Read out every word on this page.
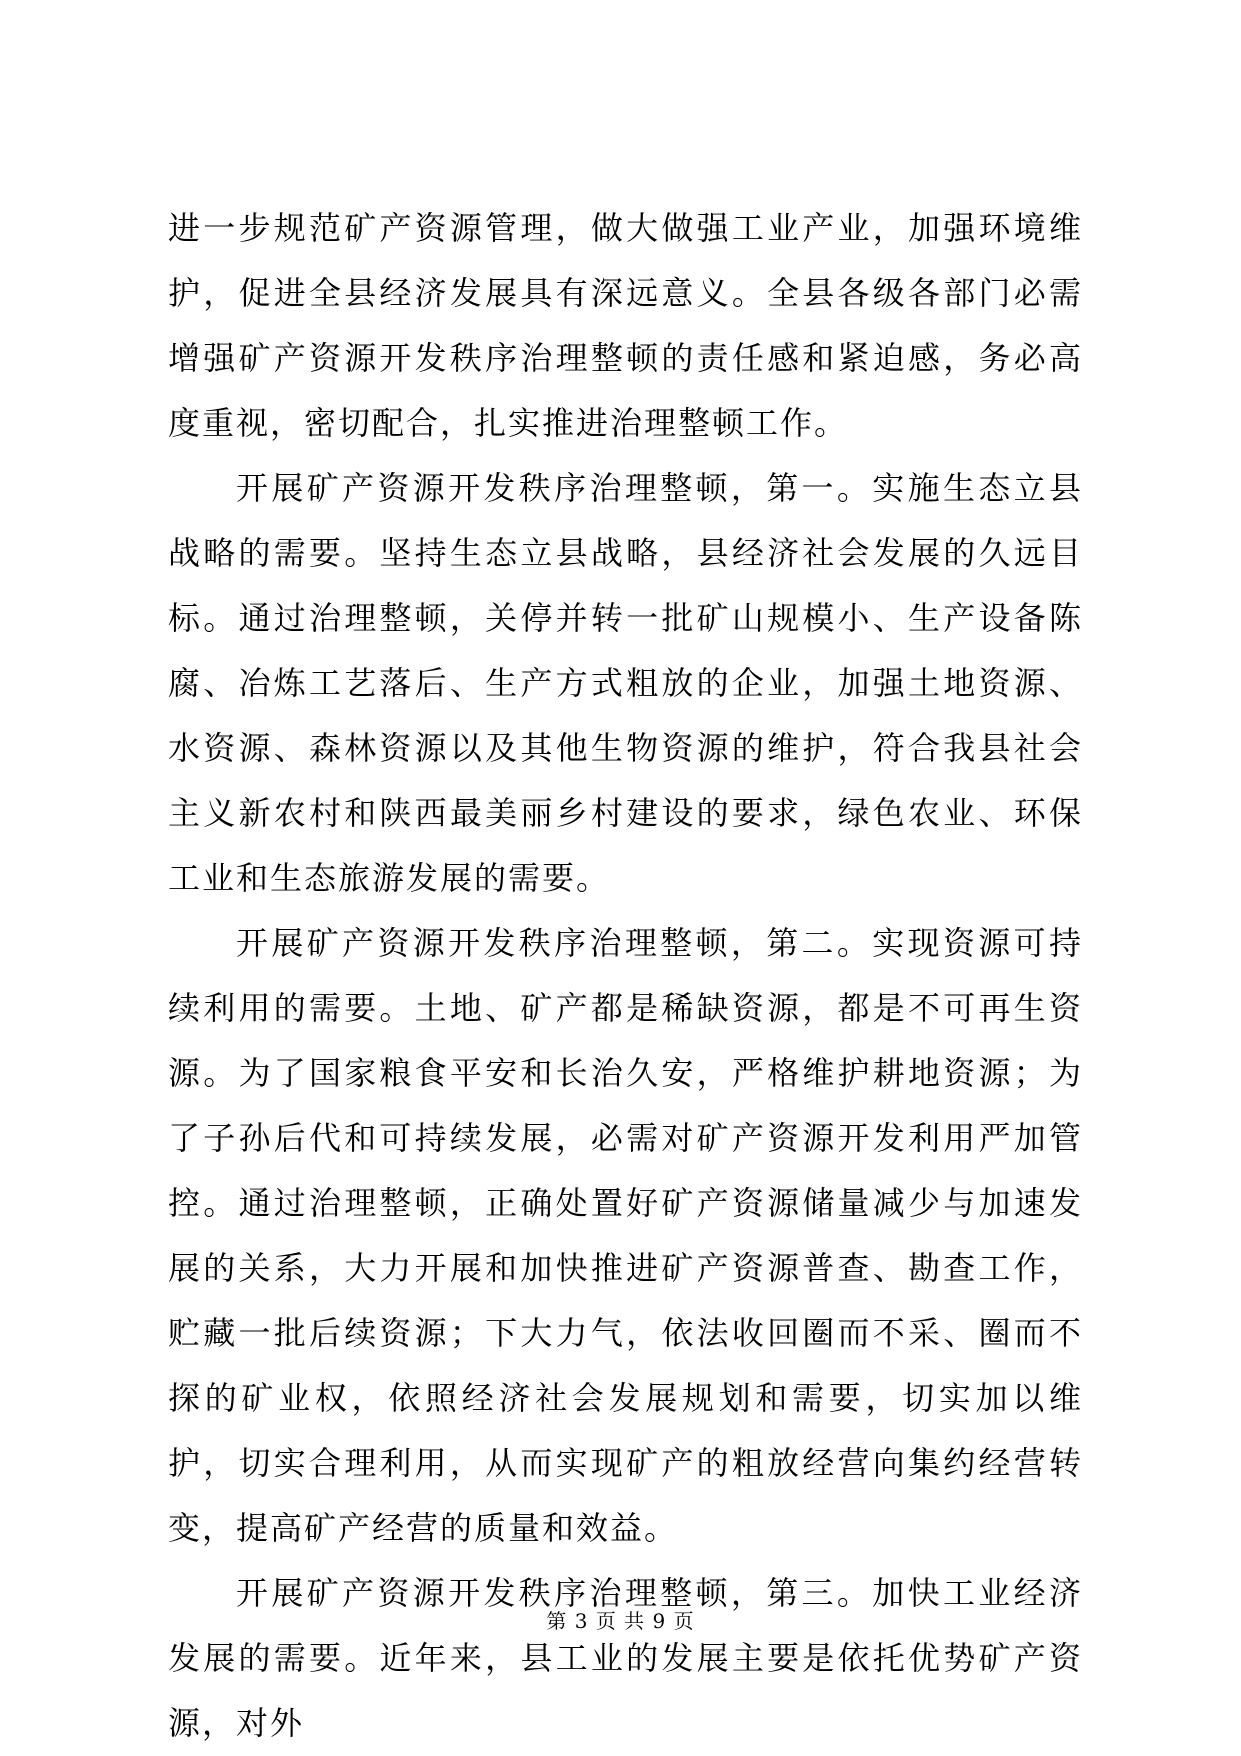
进一步规范矿产资源管理，做大做强工业产业，加强环境维护，促进全县经济发展具有深远意义。全县各级各部门必需增强矿产资源开发秩序治理整顿的责任感和紧迫感，务必高度重视，密切配合，扎实推进治理整顿工作。

开展矿产资源开发秩序治理整顿，第一。实施生态立县战略的需要。坚持生态立县战略，县经济社会发展的久远目标。通过治理整顿，关停并转一批矿山规模小、生产设备陈腐、冶炼工艺落后、生产方式粗放的企业，加强土地资源、水资源、森林资源以及其他生物资源的维护，符合我县社会主义新农村和陕西最美丽乡村建设的要求，绿色农业、环保工业和生态旅游发展的需要。

开展矿产资源开发秩序治理整顿，第二。实现资源可持续利用的需要。土地、矿产都是稀缺资源，都是不可再生资源。为了国家粮食平安和长治久安，严格维护耕地资源；为了子孙后代和可持续发展，必需对矿产资源开发利用严加管控。通过治理整顿，正确处置好矿产资源储量减少与加速发展的关系，大力开展和加快推进矿产资源普查、勘查工作，贮藏一批后续资源；下大力气，依法收回圈而不采、圈而不探的矿业权，依照经济社会发展规划和需要，切实加以维护，切实合理利用，从而实现矿产的粗放经营向集约经营转变，提高矿产经营的质量和效益。

开展矿产资源开发秩序治理整顿，第三。加快工业经济发展的需要。近年来，县工业的发展主要是依托优势矿产资源，对外

第 3 页 共 9 页
